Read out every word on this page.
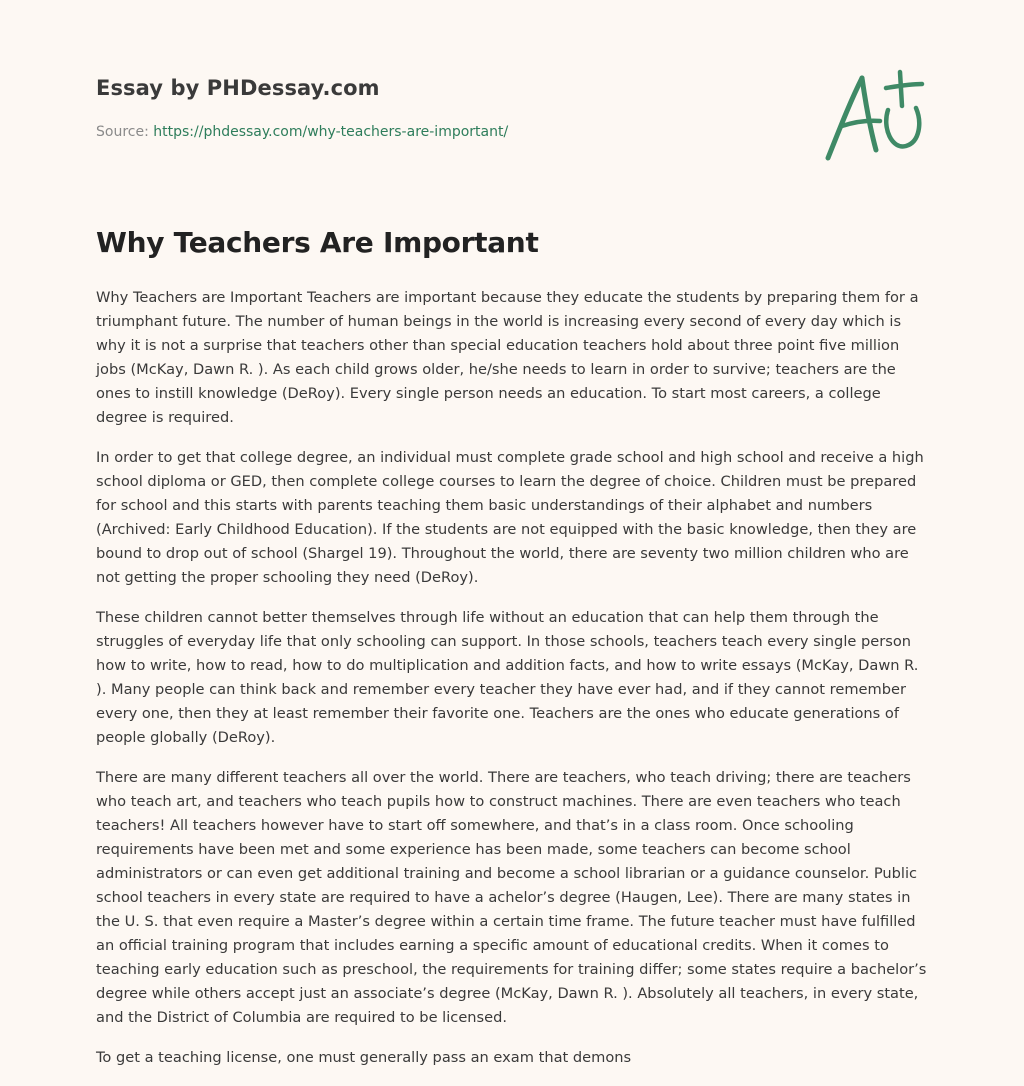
Essay by PHDessay.com
Source: https://phdessay.com/why-teachers-are-important/
Why Teachers Are Important

Why Teachers are Important Teachers are important because they educate the students by preparing them for a triumphant future. The number of human beings in the world is increasing every second of every day which is why it is not a surprise that teachers other than special education teachers hold about three point five million jobs (McKay, Dawn R. ). As each child grows older, he/she needs to learn in order to survive; teachers are the ones to instill knowledge (DeRoy). Every single person needs an education. To start most careers, a college degree is required.

In order to get that college degree, an individual must complete grade school and high school and receive a high school diploma or GED, then complete college courses to learn the degree of choice. Children must be prepared for school and this starts with parents teaching them basic understandings of their alphabet and numbers (Archived: Early Childhood Education). If the students are not equipped with the basic knowledge, then they are bound to drop out of school (Shargel 19). Throughout the world, there are seventy two million children who are not getting the proper schooling they need (DeRoy).

These children cannot better themselves through life without an education that can help them through the struggles of everyday life that only schooling can support. In those schools, teachers teach every single person how to write, how to read, how to do multiplication and addition facts, and how to write essays (McKay, Dawn R. ). Many people can think back and remember every teacher they have ever had, and if they cannot remember every one, then they at least remember their favorite one. Teachers are the ones who educate generations of people globally (DeRoy).

There are many different teachers all over the world. There are teachers, who teach driving; there are teachers who teach art, and teachers who teach pupils how to construct machines. There are even teachers who teach teachers! All teachers however have to start off somewhere, and that’s in a class room. Once schooling requirements have been met and some experience has been made, some teachers can become school administrators or can even get additional training and become a school librarian or a guidance counselor. Public school teachers in every state are required to have a achelor’s degree (Haugen, Lee). There are many states in the U. S. that even require a Master’s degree within a certain time frame. The future teacher must have fulfilled an official training program that includes earning a specific amount of educational credits. When it comes to teaching early education such as preschool, the requirements for training differ; some states require a bachelor’s degree while others accept just an associate’s degree (McKay, Dawn R. ). Absolutely all teachers, in every state, and the District of Columbia are required to be licensed.

To get a teaching license, one must generally pass an exam that demons
